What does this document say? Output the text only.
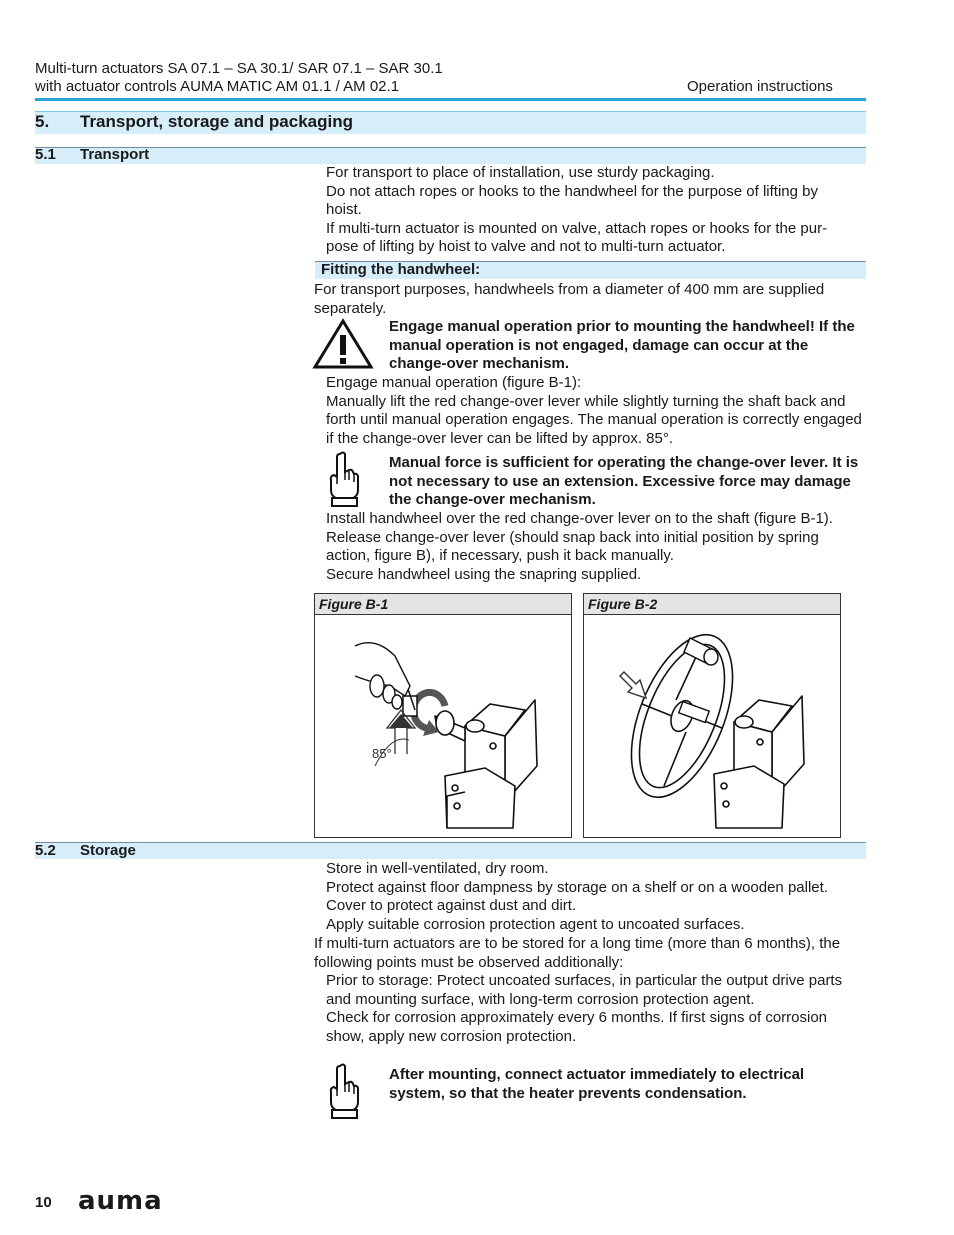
Multi-turn actuators SA 07.1 – SA 30.1/ SAR 07.1 – SAR 30.1
with actuator controls AUMA MATIC AM 01.1 / AM 02.1	Operation instructions
5. Transport, storage and packaging
5.1 Transport
For transport to place of installation, use sturdy packaging.
Do not attach ropes or hooks to the handwheel for the purpose of lifting by hoist.
If multi-turn actuator is mounted on valve, attach ropes or hooks for the pur-pose of lifting by hoist to valve and not to multi-turn actuator.
Fitting the handwheel:

For transport purposes, handwheels from a diameter of 400 mm are supplied separately.

Engage manual operation prior to mounting the handwheel! If the manual operation is not engaged, damage can occur at the change-over mechanism.

Engage manual operation (figure B-1):
Manually lift the red change-over lever while slightly turning the shaft back and forth until manual operation engages. The manual operation is correctly engaged if the change-over lever can be lifted by approx. 85°.

Manual force is sufficient for operating the change-over lever. It is not necessary to use an extension. Excessive force may damage the change-over mechanism.

Install handwheel over the red change-over lever on to the shaft (figure B-1).
Release change-over lever (should snap back into initial position by spring action, figure B), if necessary, push it back manually.
Secure handwheel using the snapring supplied.
Figure B-1
85°
Figure B-2
5.2 Storage
Store in well-ventilated, dry room.
Protect against floor dampness by storage on a shelf or on a wooden pallet.
Cover to protect against dust and dirt.
Apply suitable corrosion protection agent to uncoated surfaces.

If multi-turn actuators are to be stored for a long time (more than 6 months), the following points must be observed additionally:

Prior to storage: Protect uncoated surfaces, in particular the output drive parts and mounting surface, with long-term corrosion protection agent.
Check for corrosion approximately every 6 months. If first signs of corrosion show, apply new corrosion protection.

After mounting, connect actuator immediately to electrical system, so that the heater prevents condensation.

10 auma
